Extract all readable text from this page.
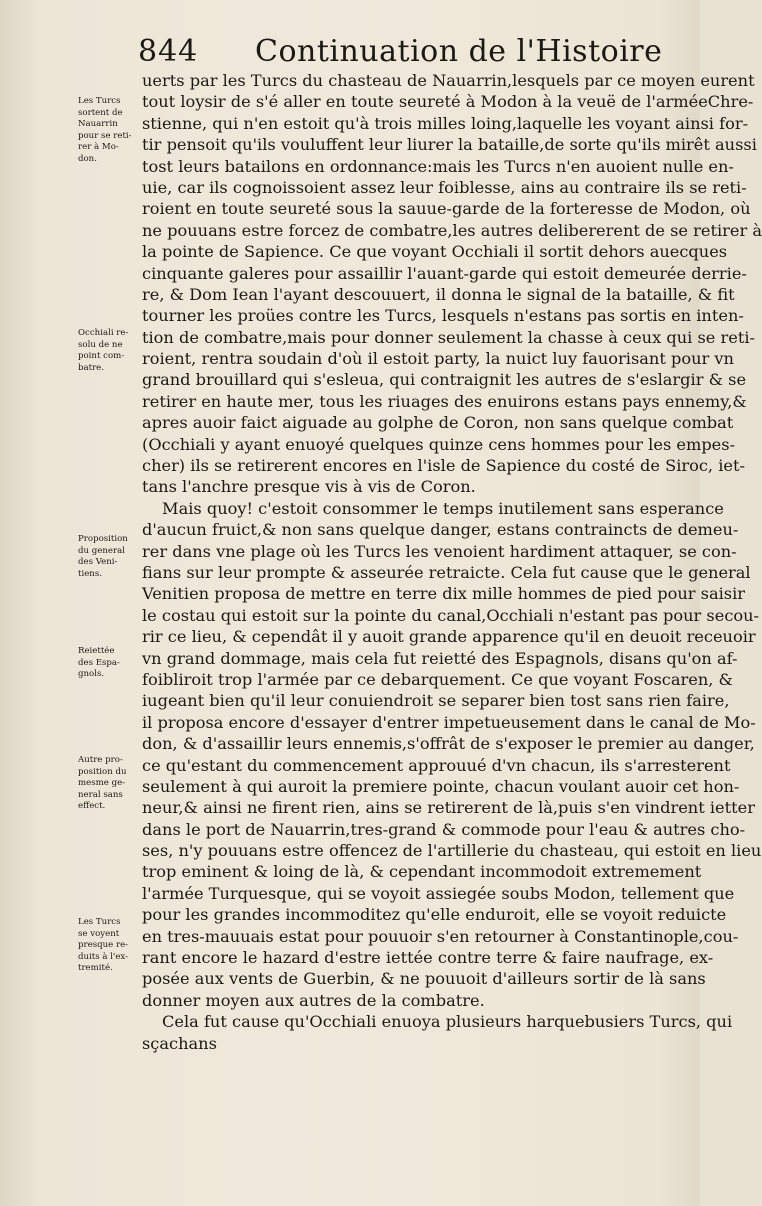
844 Continuation de l'Histoire
uerts par les Turcs du chasteau de Nauarrin,lesquels par ce moyen eurent
tout loysir de s'é aller en toute seureté à Modon à la veuë de l'arméeChre-
stienne, qui n'en estoit qu'à trois milles loing,laquelle les voyant ainsi for-
tir pensoit qu'ils vouluffent leur liurer la bataille,de sorte qu'ils mirêt aussi
tost leurs batailons en ordonnance:mais les Turcs n'en auoient nulle en-
uie, car ils cognoissoient assez leur foiblesse, ains au contraire ils se reti-
roient en toute seureté sous la sauue-garde de la forteresse de Modon, où
ne pouuans estre forcez de combatre,les autres delibererent de se retirer à
la pointe de Sapience. Ce que voyant Occhiali il sortit dehors auecques
cinquante galeres pour assaillir l'auant-garde qui estoit demeurée derrie-
re, & Dom Iean l'ayant descouuert, il donna le signal de la bataille, & fit
tourner les proües contre les Turcs, lesquels n'estans pas sortis en inten-
tion de combatre,mais pour donner seulement la chasse à ceux qui se reti-
roient, rentra soudain d'où il estoit party, la nuict luy fauorisant pour vn
grand brouillard qui s'esleua, qui contraignit les autres de s'eslargir & se
retirer en haute mer, tous les riuages des enuirons estans pays ennemy,&
apres auoir faict aiguade au golphe de Coron, non sans quelque combat
(Occhiali y ayant enuoyé quelques quinze cens hommes pour les empes-
cher) ils se retirerent encores en l'isle de Sapience du costé de Siroc, iet-
tans l'anchre presque vis à vis de Coron.
Mais quoy! c'estoit consommer le temps inutilement sans esperance
d'aucun fruict,& non sans quelque danger, estans contraincts de demeu-
rer dans vne plage où les Turcs les venoient hardiment attaquer, se con-
fians sur leur prompte & asseurée retraicte. Cela fut cause que le general
Venitien proposa de mettre en terre dix mille hommes de pied pour saisir
le costau qui estoit sur la pointe du canal,Occhiali n'estant pas pour secou-
rir ce lieu, & cependât il y auoit grande apparence qu'il en deuoit receuoir
vn grand dommage, mais cela fut reietté des Espagnols, disans qu'on af-
foibliroit trop l'armée par ce debarquement. Ce que voyant Foscaren, &
iugeant bien qu'il leur conuiendroit se separer bien tost sans rien faire,
il proposa encore d'essayer d'entrer impetueusement dans le canal de Mo-
don, & d'assaillir leurs ennemis,s'offrât de s'exposer le premier au danger,
ce qu'estant du commencement approuué d'vn chacun, ils s'arresterent
seulement à qui auroit la premiere pointe, chacun voulant auoir cet hon-
neur,& ainsi ne firent rien, ains se retirerent de là,puis s'en vindrent ietter
dans le port de Nauarrin,tres-grand & commode pour l'eau & autres cho-
ses, n'y pouuans estre offencez de l'artillerie du chasteau, qui estoit en lieu
trop eminent & loing de là, & cependant incommodoit extremement
l'armée Turquesque, qui se voyoit assiegée soubs Modon, tellement que
pour les grandes incommoditez qu'elle enduroit, elle se voyoit reduicte
en tres-mauuais estat pour pouuoir s'en retourner à Constantinople,cou-
rant encore le hazard d'estre iettée contre terre & faire naufrage, ex-
posée aux vents de Guerbin, & ne pouuoit d'ailleurs sortir de là sans
donner moyen aux autres de la combatre.
Cela fut cause qu'Occhiali enuoya plusieurs harquebusiers Turcs, qui
sçachans
Les Turcs
sortent de
Nauarrin
pour se reti-
rer à Mo-
don.
Occhiali re-
solu de ne
point com-
batre.
Proposition
du general
des Veni-
tiens.
Reiettée
des Espa-
gnols.
Autre pro-
position du
mesme ge-
neral sans
effect.
Les Turcs
se voyent
presque re-
duits à l'ex-
tremité.
